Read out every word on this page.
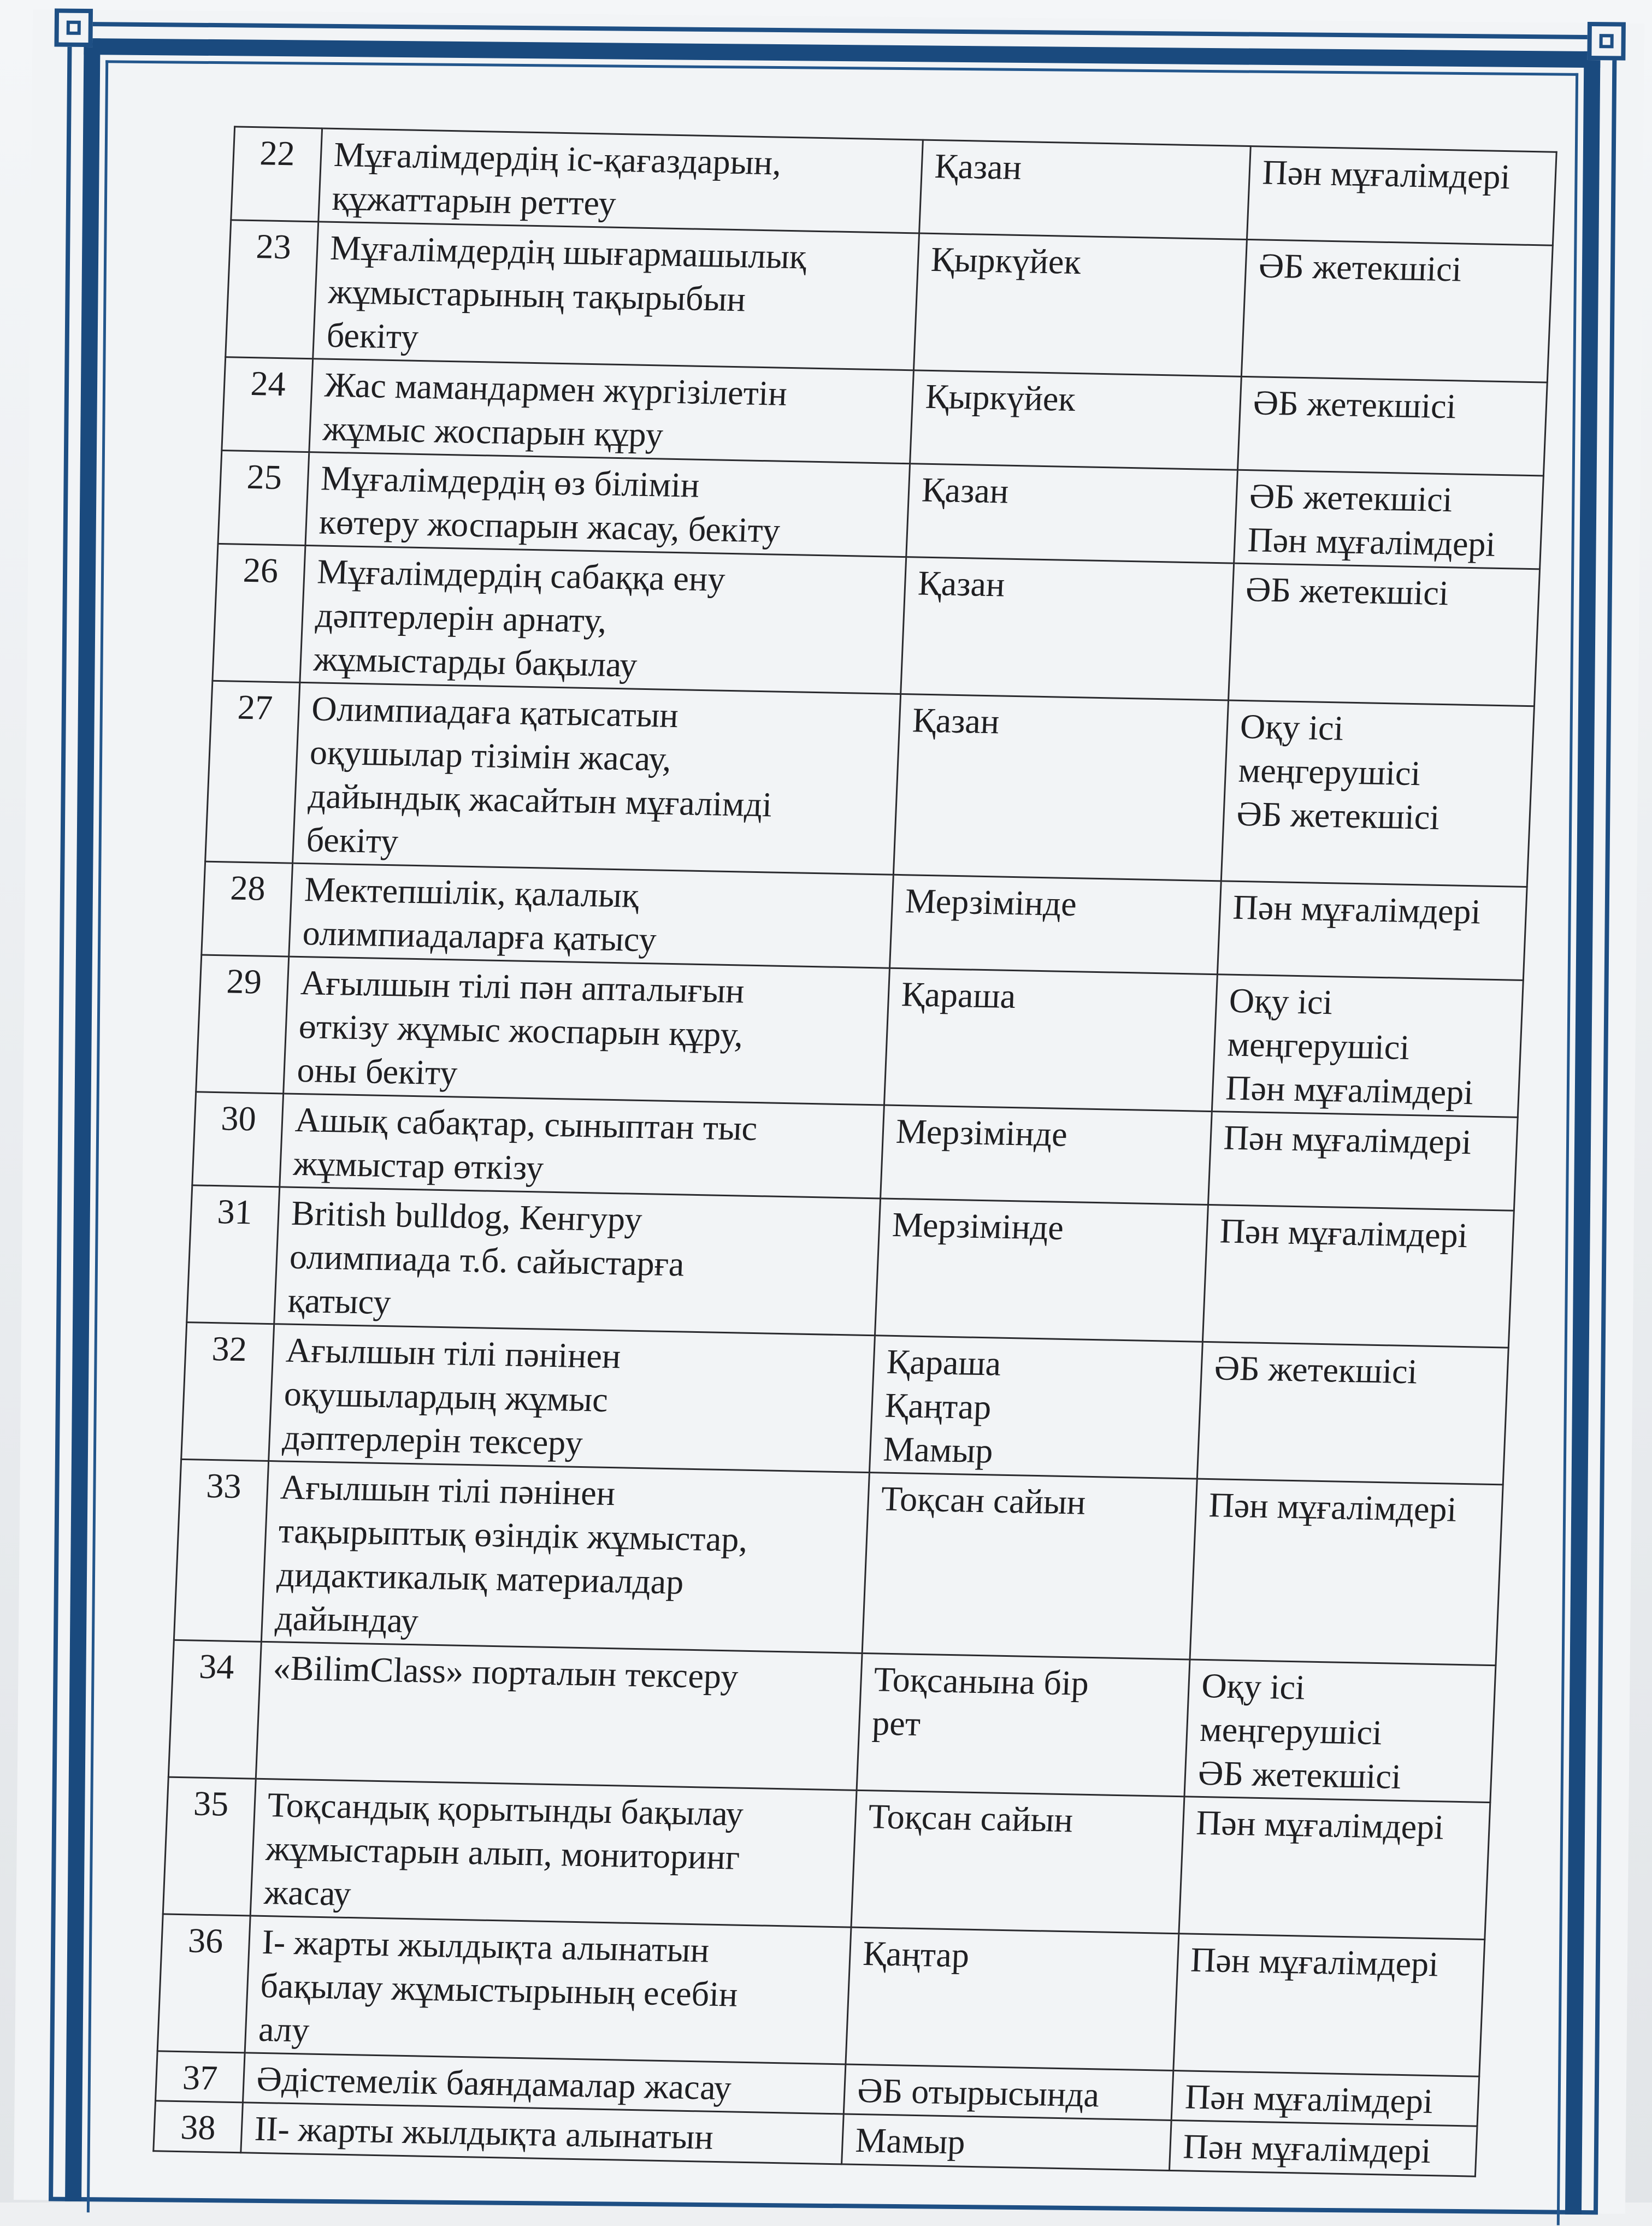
22	Мұғалімдердің іс-қағаздарын,
құжаттарын реттеу	Қазан	Пән мұғалімдері
23	Мұғалімдердің шығармашылық
жұмыстарының тақырыбын
бекіту	Қыркүйек	ӘБ жетекшісі
24	Жас мамандармен жүргізілетін
жұмыс жоспарын құру	Қыркүйек	ӘБ жетекшісі
25	Мұғалімдердің өз білімін
көтеру жоспарын жасау, бекіту	Қазан	ӘБ жетекшісі
Пән мұғалімдері
26	Мұғалімдердің сабаққа ену
дәптерлерін арнату,
жұмыстарды бақылау	Қазан	ӘБ жетекшісі
27	Олимпиадаға қатысатын
оқушылар тізімін жасау,
дайындық жасайтын мұғалімді
бекіту	Қазан	Оқу ісі
меңгерушісі
ӘБ жетекшісі
28	Мектепшілік, қалалық
олимпиадаларға қатысу	Мерзімінде	Пән мұғалімдері
29	Ағылшын тілі пән апталығын
өткізу жұмыс жоспарын құру,
оны бекіту	Қараша	Оқу ісі
меңгерушісі
Пән мұғалімдері
30	Ашық сабақтар, сыныптан тыс
жұмыстар өткізу	Мерзімінде	Пән мұғалімдері
31	British bulldog, Кенгуру
олимпиада т.б. сайыстарға
қатысу	Мерзімінде	Пән мұғалімдері
32	Ағылшын тілі пәнінен
оқушылардың жұмыс
дәптерлерін тексеру	Қараша
Қаңтар
Мамыр	ӘБ жетекшісі
33	Ағылшын тілі пәнінен
тақырыптық өзіндік жұмыстар,
дидактикалық материалдар
дайындау	Тоқсан сайын	Пән мұғалімдері
34	«BilimClass» порталын тексеру	Тоқсанына бір
рет	Оқу ісі
меңгерушісі
ӘБ жетекшісі
35	Тоқсандық қорытынды бақылау
жұмыстарын алып, мониторинг
жасау	Тоқсан сайын	Пән мұғалімдері
36	І- жарты жылдықта алынатын
бақылау жұмыстырының есебін
алу	Қаңтар	Пән мұғалімдері
37	Әдістемелік баяндамалар жасау	ӘБ отырысында	Пән мұғалімдері
38	ІІ- жарты жылдықта алынатын	Мамыр	Пән мұғалімдері
